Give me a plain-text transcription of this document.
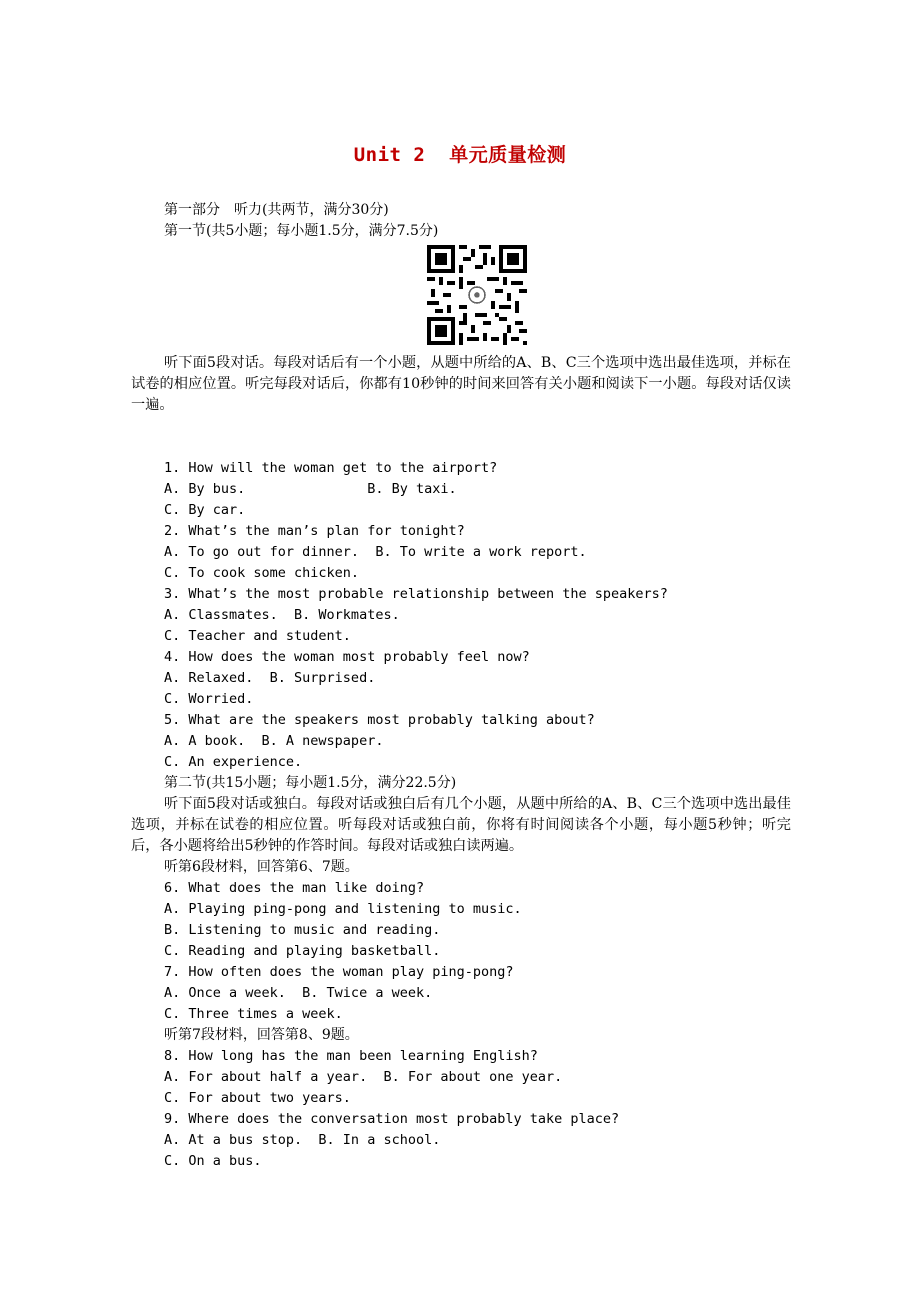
Unit 2  单元质量检测
第一部分　听力(共两节，满分30分)
第一节(共5小题；每小题1.5分，满分7.5分)
听下面5段对话。每段对话后有一个小题，从题中所给的A、B、C三个选项中选出最佳选项，并标在试卷的相应位置。听完每段对话后，你都有10秒钟的时间来回答有关小题和阅读下一小题。每段对话仅读一遍。
1. How will the woman get to the airport?
A. By bus.               B. By taxi.
C. By car.
2. What’s the man’s plan for tonight?
A. To go out for dinner.  B. To write a work report.
C. To cook some chicken.
3. What’s the most probable relationship between the speakers?
A. Classmates.  B. Workmates.
C. Teacher and student.
4. How does the woman most probably feel now?
A. Relaxed.  B. Surprised.
C. Worried.
5. What are the speakers most probably talking about?
A. A book.  B. A newspaper.
C. An experience.
第二节(共15小题；每小题1.5分，满分22.5分)
听下面5段对话或独白。每段对话或独白后有几个小题，从题中所给的A、B、C三个选项中选出最佳选项，并标在试卷的相应位置。听每段对话或独白前，你将有时间阅读各个小题，每小题5秒钟；听完后，各小题将给出5秒钟的作答时间。每段对话或独白读两遍。
听第6段材料，回答第6、7题。
6. What does the man like doing?
A. Playing ping-pong and listening to music.
B. Listening to music and reading.
C. Reading and playing basketball.
7. How often does the woman play ping-pong?
A. Once a week.  B. Twice a week.
C. Three times a week.
听第7段材料，回答第8、9题。
8. How long has the man been learning English?
A. For about half a year.  B. For about one year.
C. For about two years.
9. Where does the conversation most probably take place?
A. At a bus stop.  B. In a school.
C. On a bus.
